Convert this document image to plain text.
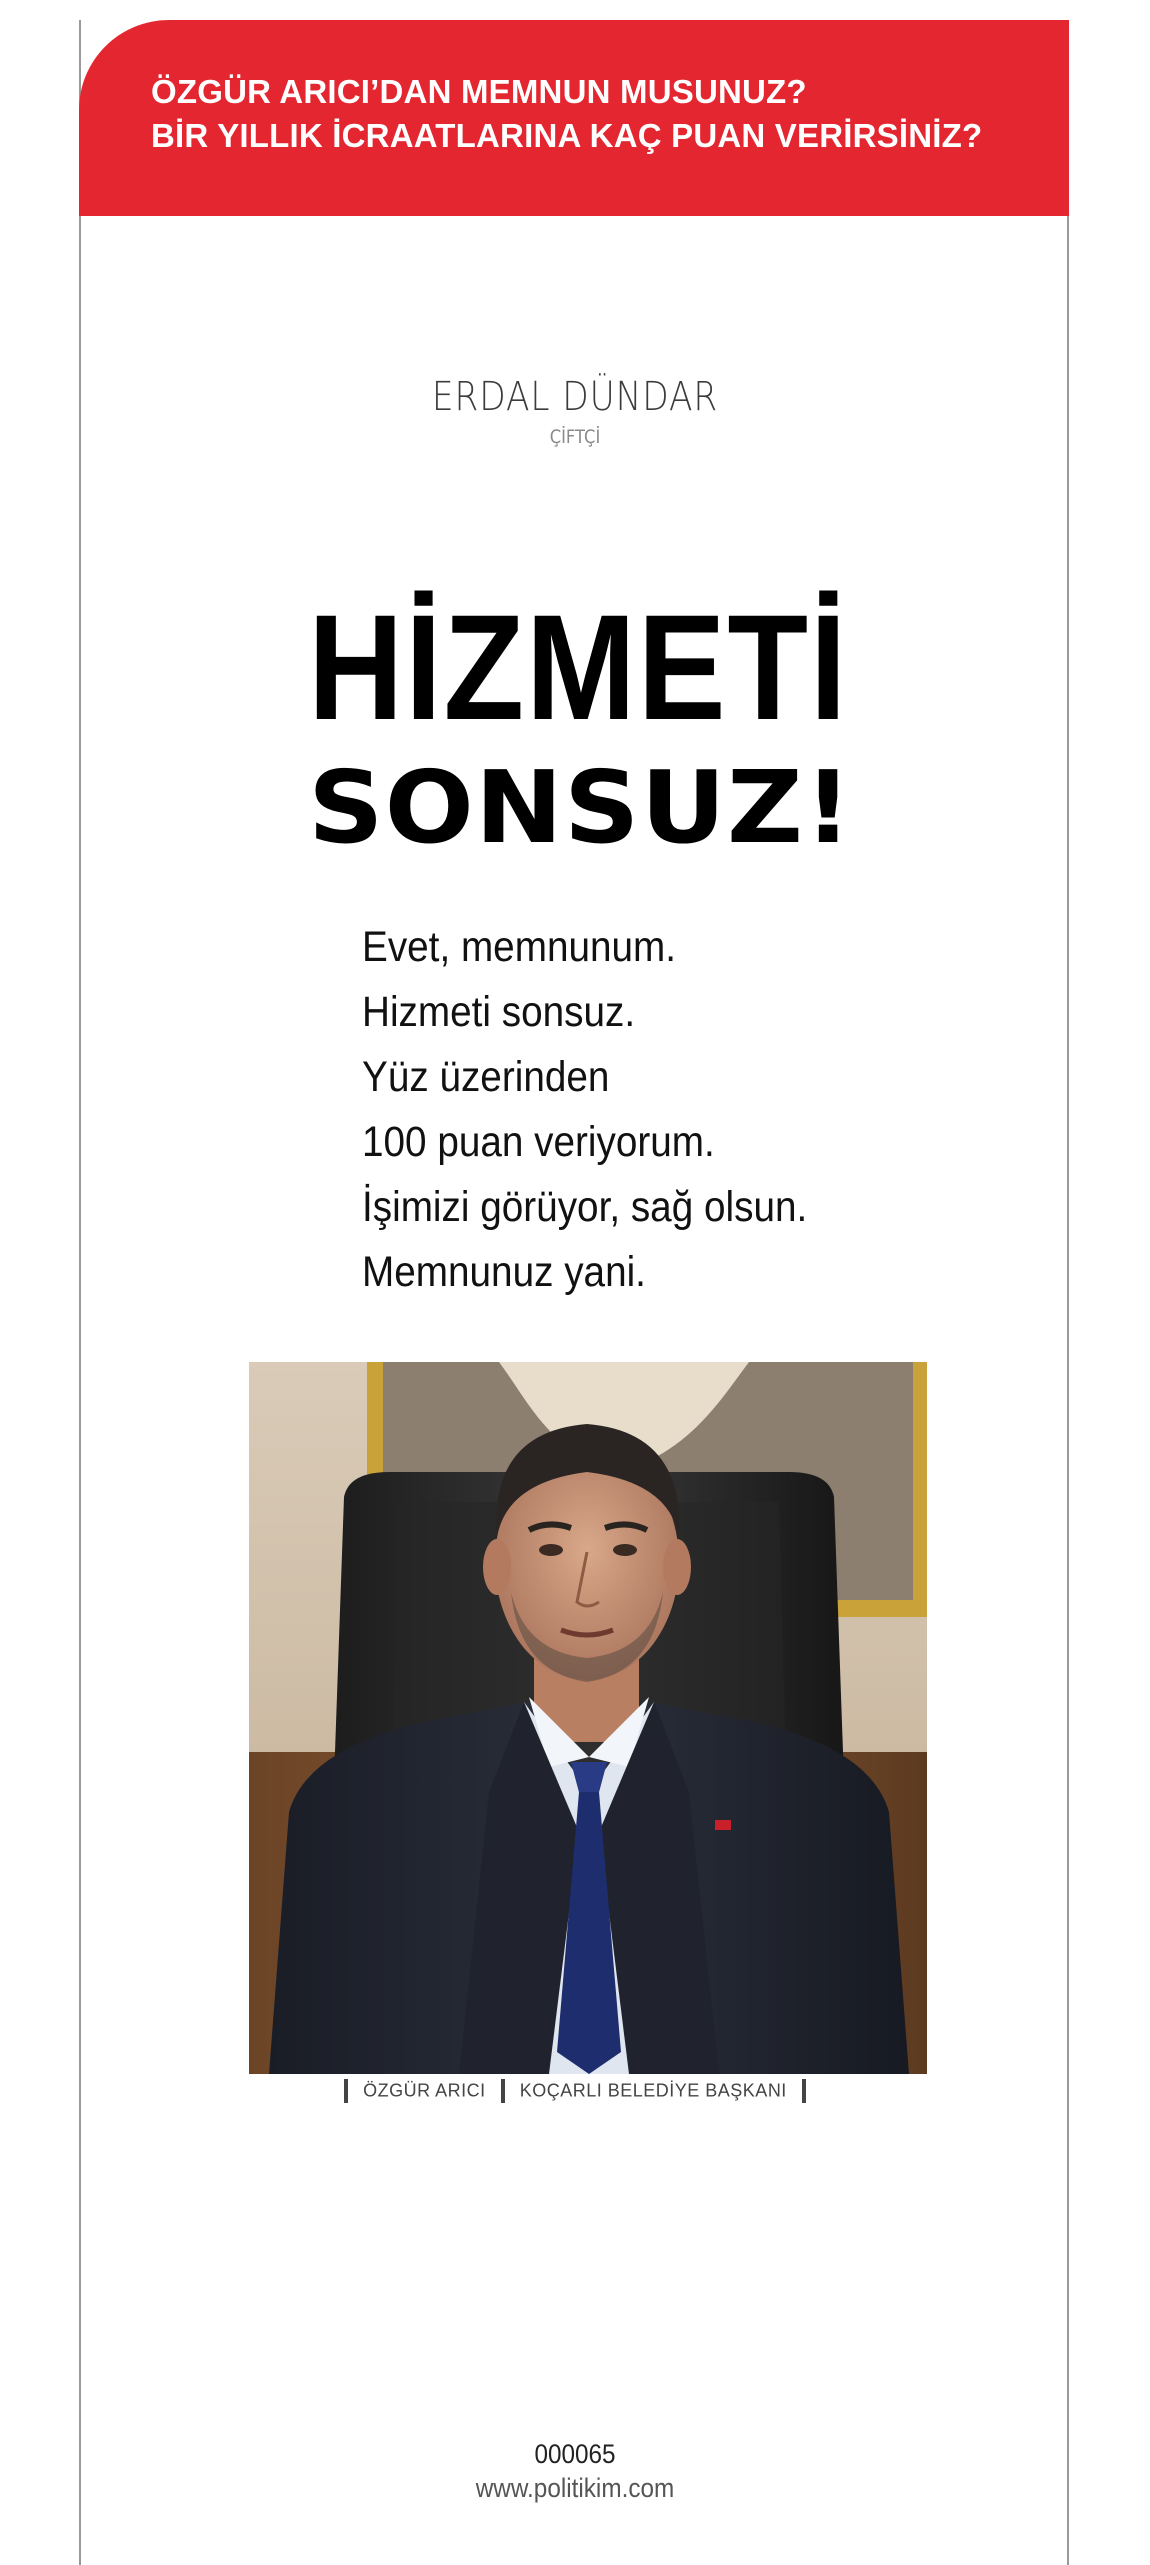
ÖZGÜR ARICI’DAN MEMNUN MUSUNUZ?
BİR YILLIK İCRAATLARINA KAÇ PUAN VERİRSİNİZ?
ERDAL DÜNDAR
ÇİFTÇİ
HİZMETİ
SONSUZ!
Evet, memnunum.
Hizmeti sonsuz.
Yüz üzerinden
100 puan veriyorum.
İşimizi görüyor, sağ olsun.
Memnunuz yani.
ÖZGÜR ARICI KOÇARLI BELEDİYE BAŞKANI
000065
www.politikim.com
